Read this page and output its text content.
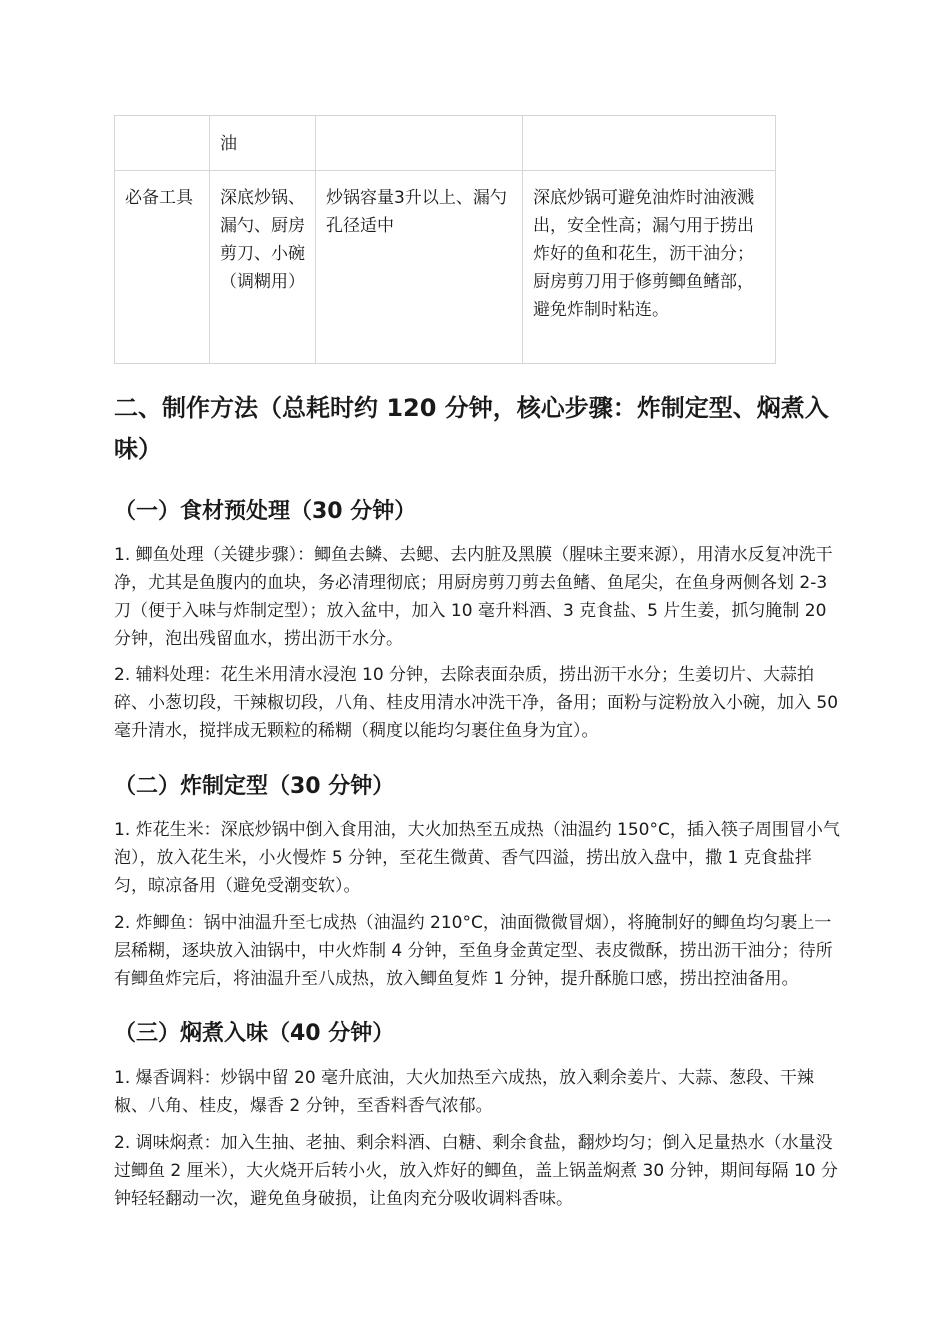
	油		
必备工具	深底炒锅、漏勺、厨房剪刀、小碗（调糊用）	炒锅容量3升以上、漏勺孔径适中	深底炒锅可避免油炸时油液溅出，安全性高；漏勺用于捞出炸好的鱼和花生，沥干油分；厨房剪刀用于修剪鲫鱼鳍部，避免炸制时粘连。
二、制作方法（总耗时约 120 分钟，核心步骤：炸制定型、焖煮入味）
（一）食材预处理（30 分钟）

1. 鲫鱼处理（关键步骤）：鲫鱼去鳞、去鳃、去内脏及黑膜（腥味主要来源），用清水反复冲洗干净，尤其是鱼腹内的血块，务必清理彻底；用厨房剪刀剪去鱼鳍、鱼尾尖，在鱼身两侧各划 2-3 刀（便于入味与炸制定型）；放入盆中，加入 10 毫升料酒、3 克食盐、5 片生姜，抓匀腌制 20 分钟，泡出残留血水，捞出沥干水分。

2. 辅料处理：花生米用清水浸泡 10 分钟，去除表面杂质，捞出沥干水分；生姜切片、大蒜拍碎、小葱切段，干辣椒切段，八角、桂皮用清水冲洗干净，备用；面粉与淀粉放入小碗，加入 50 毫升清水，搅拌成无颗粒的稀糊（稠度以能均匀裹住鱼身为宜）。

（二）炸制定型（30 分钟）

1. 炸花生米：深底炒锅中倒入食用油，大火加热至五成热（油温约 150°C，插入筷子周围冒小气泡），放入花生米，小火慢炸 5 分钟，至花生微黄、香气四溢，捞出放入盘中，撒 1 克食盐拌匀，晾凉备用（避免受潮变软）。

2. 炸鲫鱼：锅中油温升至七成热（油温约 210°C，油面微微冒烟），将腌制好的鲫鱼均匀裹上一层稀糊，逐块放入油锅中，中火炸制 4 分钟，至鱼身金黄定型、表皮微酥，捞出沥干油分；待所有鲫鱼炸完后，将油温升至八成热，放入鲫鱼复炸 1 分钟，提升酥脆口感，捞出控油备用。

（三）焖煮入味（40 分钟）

1. 爆香调料：炒锅中留 20 毫升底油，大火加热至六成热，放入剩余姜片、大蒜、葱段、干辣椒、八角、桂皮，爆香 2 分钟，至香料香气浓郁。

2. 调味焖煮：加入生抽、老抽、剩余料酒、白糖、剩余食盐，翻炒均匀；倒入足量热水（水量没过鲫鱼 2 厘米），大火烧开后转小火，放入炸好的鲫鱼，盖上锅盖焖煮 30 分钟，期间每隔 10 分钟轻轻翻动一次，避免鱼身破损，让鱼肉充分吸收调料香味。
